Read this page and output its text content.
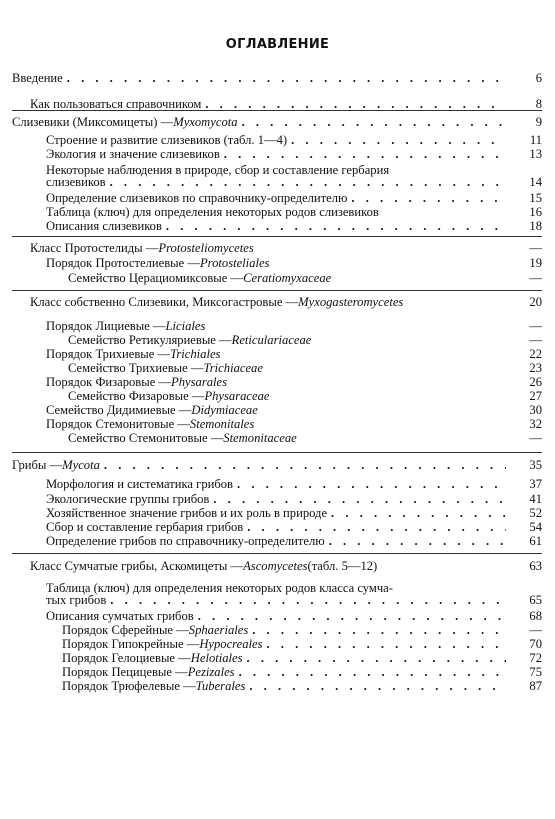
ОГЛАВЛЕНИЕ
Введение . . .	6
Как пользоваться справочником . . .	8
Слизевики (Миксомицеты) — Myxomycota . . .	9
Строение и развитие слизевиков (табл. 1—4) . . .	11
Экология и значение слизевиков . . .	13
Некоторые наблюдения в природе, сбор и составление гербария
слизевиков . . .	14
Определение слизевиков по справочнику-определителю . . .	15
Таблица (ключ) для определения некоторых родов слизевиков	16
Описания слизевиков . . .	18
Класс Протостелиды — Protosteliomycetes	—
Порядок Протостелиевые — Protosteliales	19
Семейство Церациомиксовые — Ceratiomyxaceae	—
Класс собственно Слизевики, Миксогастровые — Myxogasteromycetes	20
Порядок Лициевые — Liciales	—
Семейство Ретикуляриевые — Reticulariaceae	—
Порядок Трихиевые — Trichiales	22
Семейство Трихиевые — Trichiaceae	23
Порядок Физаровые — Physarales	26
Семейство Физаровые — Physaraceae	27
Семейство Дидимиевые — Didymiaceae	30
Порядок Стемонитовые — Stemonitales	32
Семейство Стемонитовые — Stemonitaceae	—
Грибы — Mycota . . .	35
Морфология и систематика грибов . . .	37
Экологические группы грибов . . .	41
Хозяйственное значение грибов и их роль в природе . . .	52
Сбор и составление гербария грибов . . .	54
Определение грибов по справочнику-определителю . . .	61
Класс Сумчатые грибы, Аскомицеты — Ascomycetes (табл. 5—12)	63
Таблица (ключ) для определения некоторых родов класса сумча-
тых грибов . . .	65
Описания сумчатых грибов . . .	68
Порядок Сферейные — Sphaeriales . . .	—
Порядок Гипокрейные — Hypocreales . . .	70
Порядок Гелоциевые — Helotiales . . .	72
Порядок Пецицевые — Pezizales . . .	75
Порядок Трюфелевые — Tuberales . . .	87
